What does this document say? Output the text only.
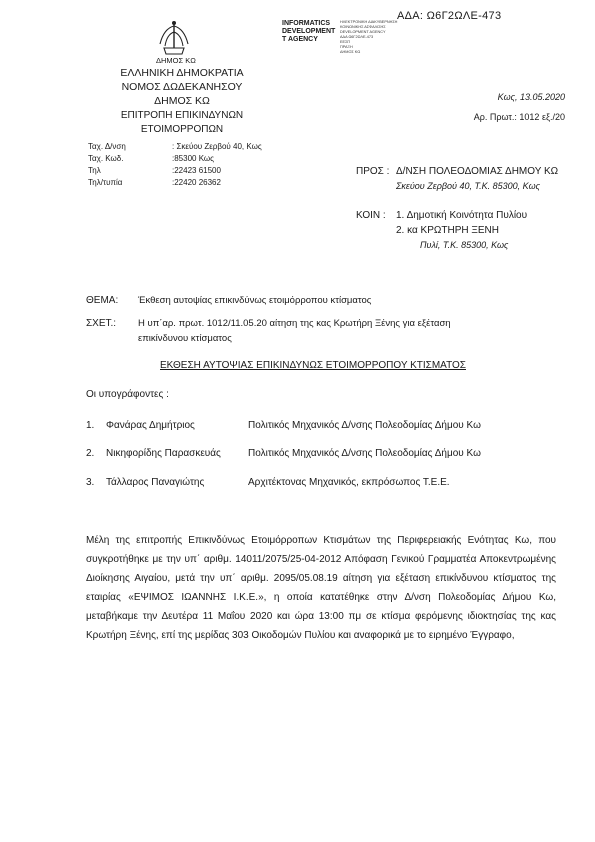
ΑΔΑ: Ω6Γ2ΩΛΕ-473
ΔΗΜΟΣ ΚΩ
INFORMATICS
DEVELOPMENT
T AGENCY
ΗΛΕΚΤΡΟΝΙΚΗ ΔΙΑΚΥΒΕΡΝΗΣΗ
ΚΟΙΝΩΝΙΚΗΣ ΑΣΦΑΛΙΣΗΣ
DEVELOPMENT AGENCY
ΑΔΑ Ω6Γ2ΩΛΕ-473
ΕΕΣΠ
ΠΡΑΞΗ
ΔΗΜΟΣ ΚΩ
ΕΛΛΗΝΙΚΗ ΔΗΜΟΚΡΑΤΙΑ
ΝΟΜΟΣ ΔΩΔΕΚΑΝΗΣΟΥ
ΔΗΜΟΣ ΚΩ
ΕΠΙΤΡΟΠΗ ΕΠΙΚΙΝΔΥΝΩΝ
ΕΤΟΙΜΟΡΡΟΠΩΝ
Ταχ. Δ/νση	: Σκεύου Ζερβού 40, Κως
Ταχ. Κωδ.	:85300 Κως
Τηλ	:22423 61500
Τηλ/τυπία	:22420 26362
Κως, 13.05.2020
Αρ. Πρωτ.: 1012 εξ./20
ΠΡΟΣ : Δ/ΝΣΗ ΠΟΛΕΟΔΟΜΙΑΣ ΔΗΜΟΥ ΚΩ
Σκεύου Ζερβού 40, Τ.Κ. 85300, Κως
ΚΟΙΝ : 1. Δημοτική Κοινότητα Πυλίου
2. κα ΚΡΩΤΗΡΗ ΞΕΝΗ
Πυλί, Τ.Κ. 85300, Κως
ΘΕΜΑ: Έκθεση αυτοψίας επικινδύνως ετοιμόρροπου κτίσματος
ΣΧΕΤ.: Η υπ΄αρ. πρωτ. 1012/11.05.20 αίτηση της κας Κρωτήρη Ξένης για εξέταση
επικίνδυνου κτίσματος
ΕΚΘΕΣΗ ΑΥΤΟΨΙΑΣ ΕΠΙΚΙΝΔΥΝΩΣ ΕΤΟΙΜΟΡΡΟΠΟΥ ΚΤΙΣΜΑΤΟΣ
Οι υπογράφοντες :
1. Φανάρας Δημήτριος	Πολιτικός Μηχανικός Δ/νσης Πολεοδομίας Δήμου Κω
2. Νικηφορίδης Παρασκευάς	Πολιτικός Μηχανικός Δ/νσης Πολεοδομίας Δήμου Κω
3. Τάλλαρος Παναγιώτης	Αρχιτέκτονας Μηχανικός, εκπρόσωπος Τ.Ε.Ε.
Μέλη της επιτροπής Επικινδύνως Ετοιμόρροπων Κτισμάτων της Περιφερειακής Ενότητας Κω, που συγκροτήθηκε με την υπ΄ αριθμ. 14011/2075/25-04-2012 Απόφαση Γενικού Γραμματέα Αποκεντρωμένης Διοίκησης Αιγαίου, μετά την υπ΄ αριθμ. 2095/05.08.19 αίτηση για εξέταση επικίνδυνου κτίσματος της εταιρίας «ΕΨΙΜΟΣ ΙΩΑΝΝΗΣ Ι.Κ.Ε.», η οποία κατατέθηκε στην Δ/νση Πολεοδομίας Δήμου Κω, μεταβήκαμε την Δευτέρα 11 Μαΐου 2020 και ώρα 13:00 πμ σε κτίσμα φερόμενης ιδιοκτησίας της κας Κρωτήρη Ξένης, επί της μερίδας 303 Οικοδομών Πυλίου και αναφορικά με το ειρημένο Έγγραφο,
